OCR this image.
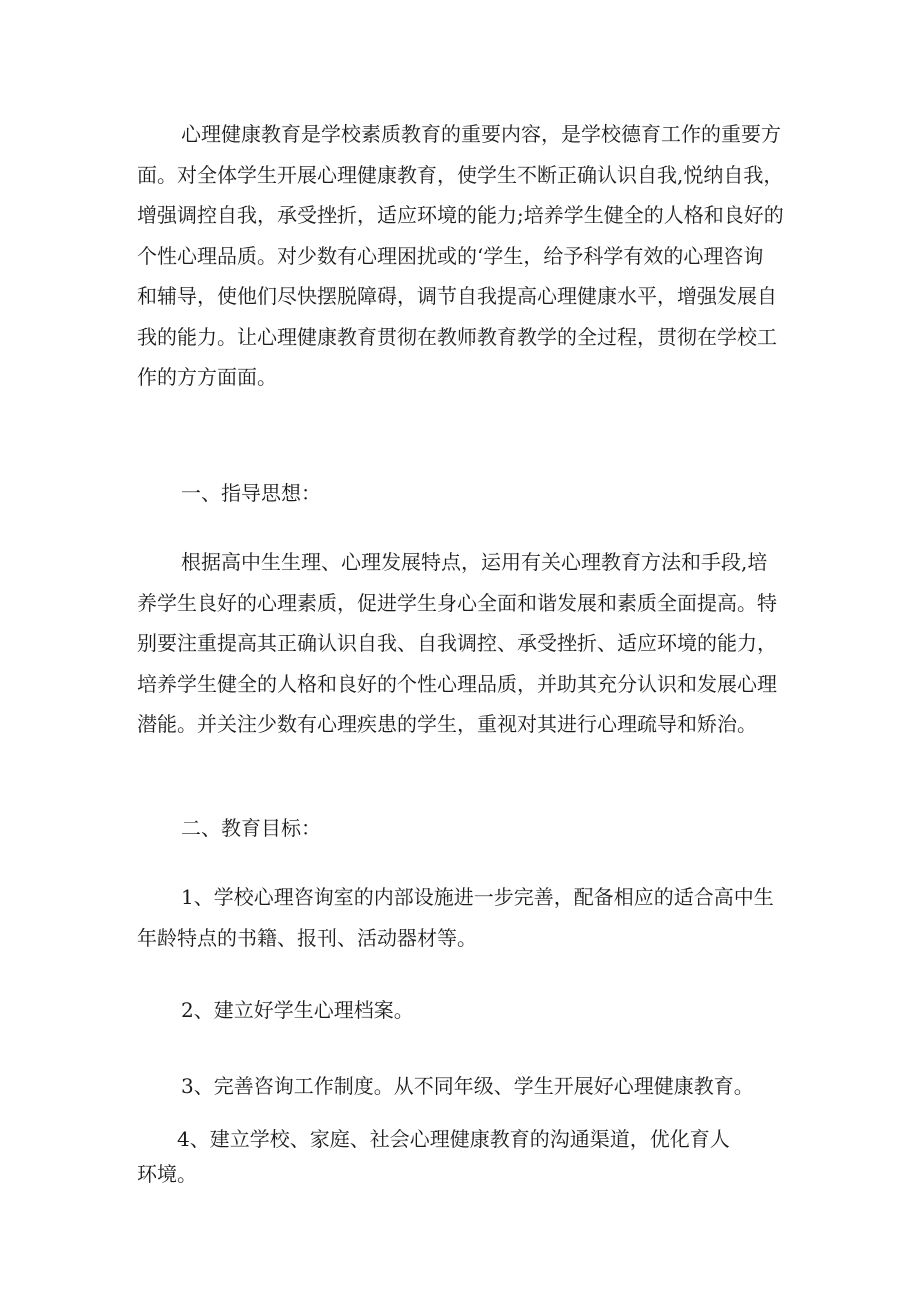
心理健康教育是学校素质教育的重要内容，是学校德育工作的重要方
面。对全体学生开展心理健康教育，使学生不断正确认识自我,悦纳自我，
增强调控自我，承受挫折，适应环境的能力;培养学生健全的人格和良好的
个性心理品质。对少数有心理困扰或的‘学生，给予科学有效的心理咨询
和辅导，使他们尽快摆脱障碍，调节自我提高心理健康水平，增强发展自
我的能力。让心理健康教育贯彻在教师教育教学的全过程，贯彻在学校工
作的方方面面。

一、指导思想：

根据高中生生理、心理发展特点，运用有关心理教育方法和手段,培
养学生良好的心理素质，促进学生身心全面和谐发展和素质全面提高。特
别要注重提高其正确认识自我、自我调控、承受挫折、适应环境的能力，
培养学生健全的人格和良好的个性心理品质，并助其充分认识和发展心理
潜能。并关注少数有心理疾患的学生，重视对其进行心理疏导和矫治。

二、教育目标：

1、学校心理咨询室的内部设施进一步完善，配备相应的适合高中生
年龄特点的书籍、报刊、活动器材等。

2、建立好学生心理档案。

3、完善咨询工作制度。从不同年级、学生开展好心理健康教育。

4、建立学校、家庭、社会心理健康教育的沟通渠道，优化育人
环境。
